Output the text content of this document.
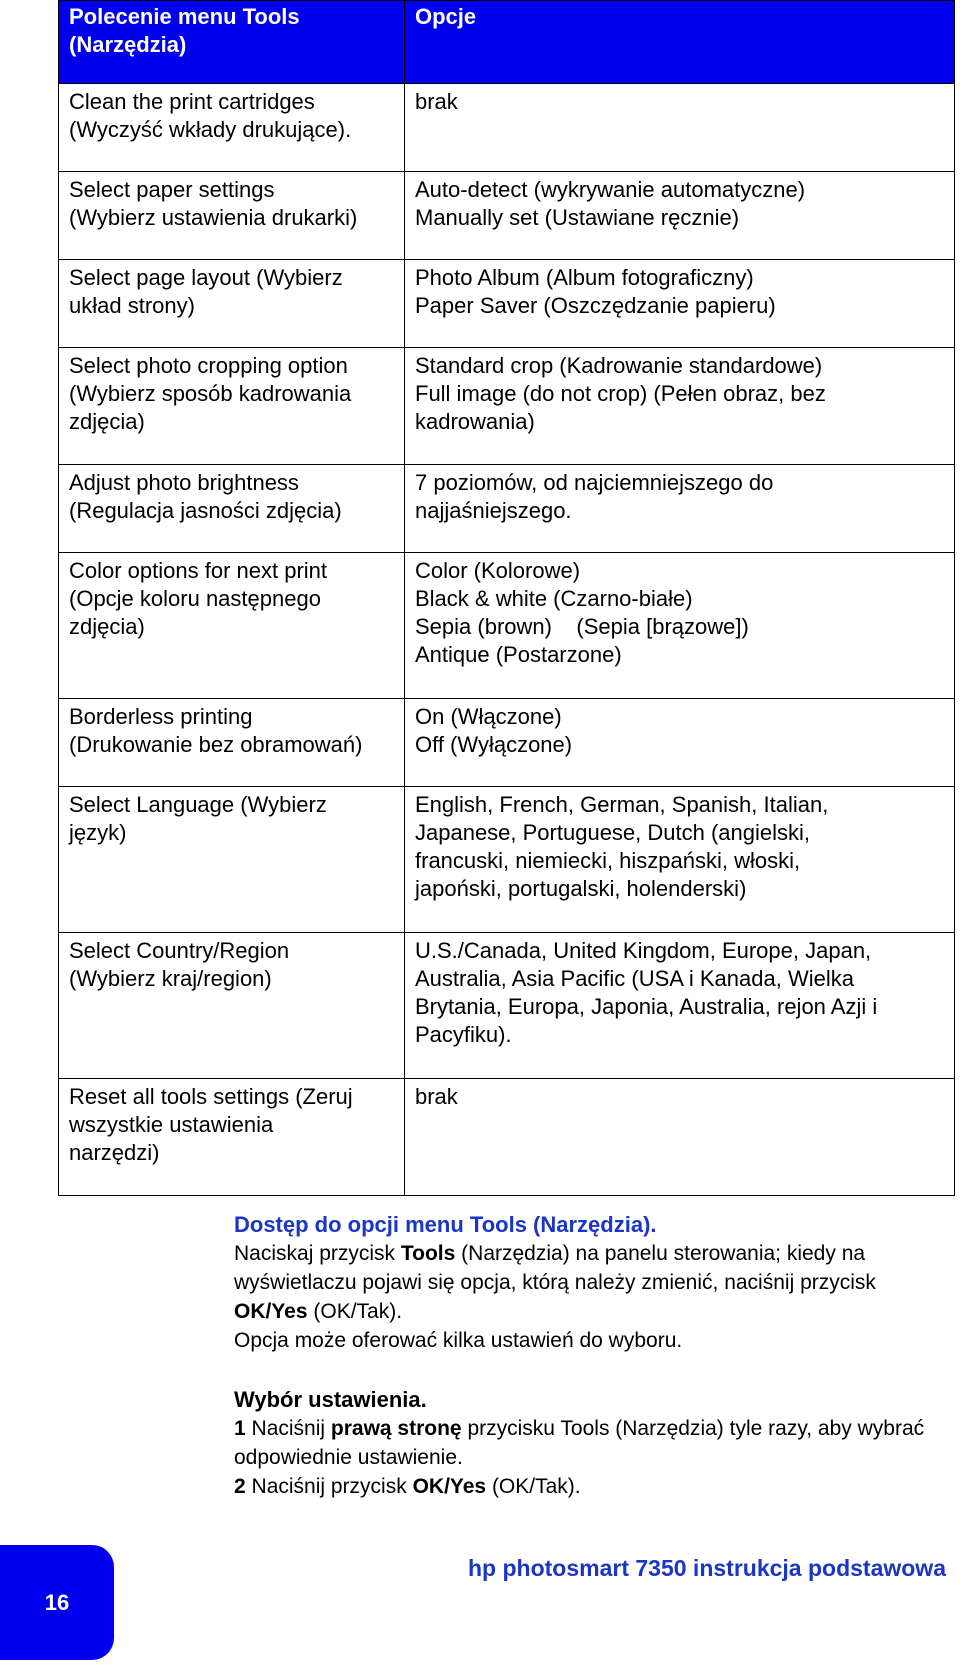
Polecenie menu Tools (Narzędzia)	Opcje

Clean the print cartridges
(Wyczyść wkłady drukujące).	brak

Select paper settings
(Wybierz ustawienia drukarki)	Auto-detect (wykrywanie automatyczne)
Manually set (Ustawiane ręcznie)

Select page layout (Wybierz
układ strony)	Photo Album (Album fotograficzny)
Paper Saver (Oszczędzanie papieru)

Select photo cropping option
(Wybierz sposób kadrowania
zdjęcia)	Standard crop (Kadrowanie standardowe)
Full image (do not crop) (Pełen obraz, bez
kadrowania)

Adjust photo brightness
(Regulacja jasności zdjęcia)	7 poziomów, od najciemniejszego do
najjaśniejszego.

Color options for next print
(Opcje koloru następnego
zdjęcia)	Color (Kolorowe)
Black & white (Czarno-białe)
Sepia (brown)    (Sepia [brązowe])
Antique (Postarzone)

Borderless printing
(Drukowanie bez obramowań)	On (Włączone)
Off (Wyłączone)

Select Language (Wybierz
język)	English, French, German, Spanish, Italian,
Japanese, Portuguese, Dutch (angielski,
francuski, niemiecki, hiszpański, włoski,
japoński, portugalski, holenderski)

Select Country/Region
(Wybierz kraj/region)	U.S./Canada, United Kingdom, Europe, Japan,
Australia, Asia Pacific (USA i Kanada, Wielka
Brytania, Europa, Japonia, Australia, rejon Azji i
Pacyfiku).

Reset all tools settings (Zeruj
wszystkie ustawienia
narzędzi)	brak
Dostęp do opcji menu Tools (Narzędzia).
Naciskaj przycisk Tools (Narzędzia) na panelu sterowania; kiedy na wyświetlaczu pojawi się opcja, którą należy zmienić, naciśnij przycisk OK/Yes (OK/Tak).
Opcja może oferować kilka ustawień do wyboru.
Wybór ustawienia.
1 Naciśnij prawą stronę przycisku Tools (Narzędzia) tyle razy, aby wybrać odpowiednie ustawienie.
2 Naciśnij przycisk OK/Yes (OK/Tak).
16
hp photosmart 7350 instrukcja podstawowa
